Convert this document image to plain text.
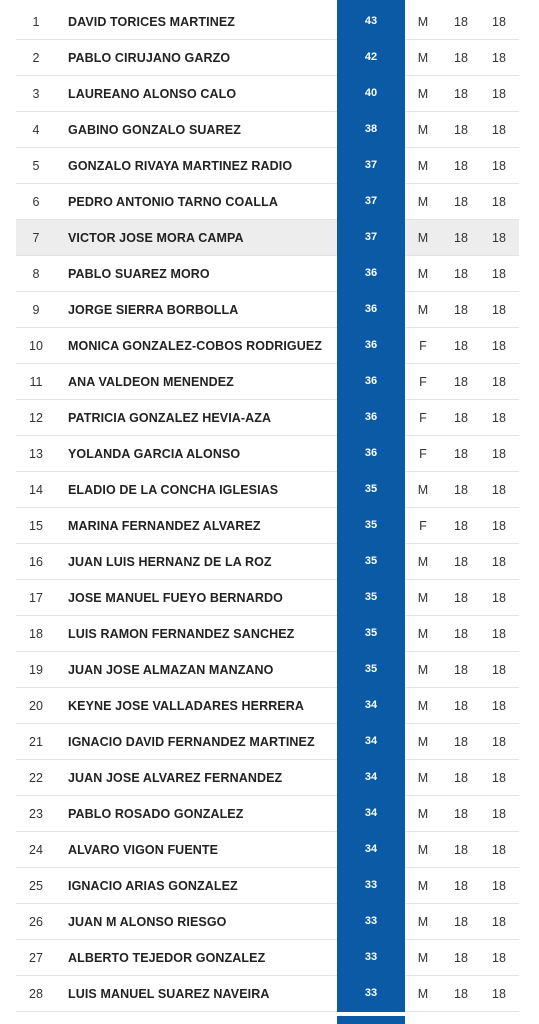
1	DAVID TORICES MARTINEZ	43	M	18	18
2	PABLO CIRUJANO GARZO	42	M	18	18
3	LAUREANO ALONSO CALO	40	M	18	18
4	GABINO GONZALO SUAREZ	38	M	18	18
5	GONZALO RIVAYA MARTINEZ RADIO	37	M	18	18
6	PEDRO ANTONIO TARNO COALLA	37	M	18	18
7	VICTOR JOSE MORA CAMPA	37	M	18	18
8	PABLO SUAREZ MORO	36	M	18	18
9	JORGE SIERRA BORBOLLA	36	M	18	18
10	MONICA GONZALEZ-COBOS RODRIGUEZ	36	F	18	18
11	ANA VALDEON MENENDEZ	36	F	18	18
12	PATRICIA GONZALEZ HEVIA-AZA	36	F	18	18
13	YOLANDA GARCIA ALONSO	36	F	18	18
14	ELADIO DE LA CONCHA IGLESIAS	35	M	18	18
15	MARINA FERNANDEZ ALVAREZ	35	F	18	18
16	JUAN LUIS HERNANZ DE LA ROZ	35	M	18	18
17	JOSE MANUEL FUEYO BERNARDO	35	M	18	18
18	LUIS RAMON FERNANDEZ SANCHEZ	35	M	18	18
19	JUAN JOSE ALMAZAN MANZANO	35	M	18	18
20	KEYNE JOSE VALLADARES HERRERA	34	M	18	18
21	IGNACIO DAVID FERNANDEZ MARTINEZ	34	M	18	18
22	JUAN JOSE ALVAREZ FERNANDEZ	34	M	18	18
23	PABLO ROSADO GONZALEZ	34	M	18	18
24	ALVARO VIGON FUENTE	34	M	18	18
25	IGNACIO ARIAS GONZALEZ	33	M	18	18
26	JUAN M ALONSO RIESGO	33	M	18	18
27	ALBERTO TEJEDOR GONZALEZ	33	M	18	18
28	LUIS MANUEL SUAREZ NAVEIRA	33	M	18	18
